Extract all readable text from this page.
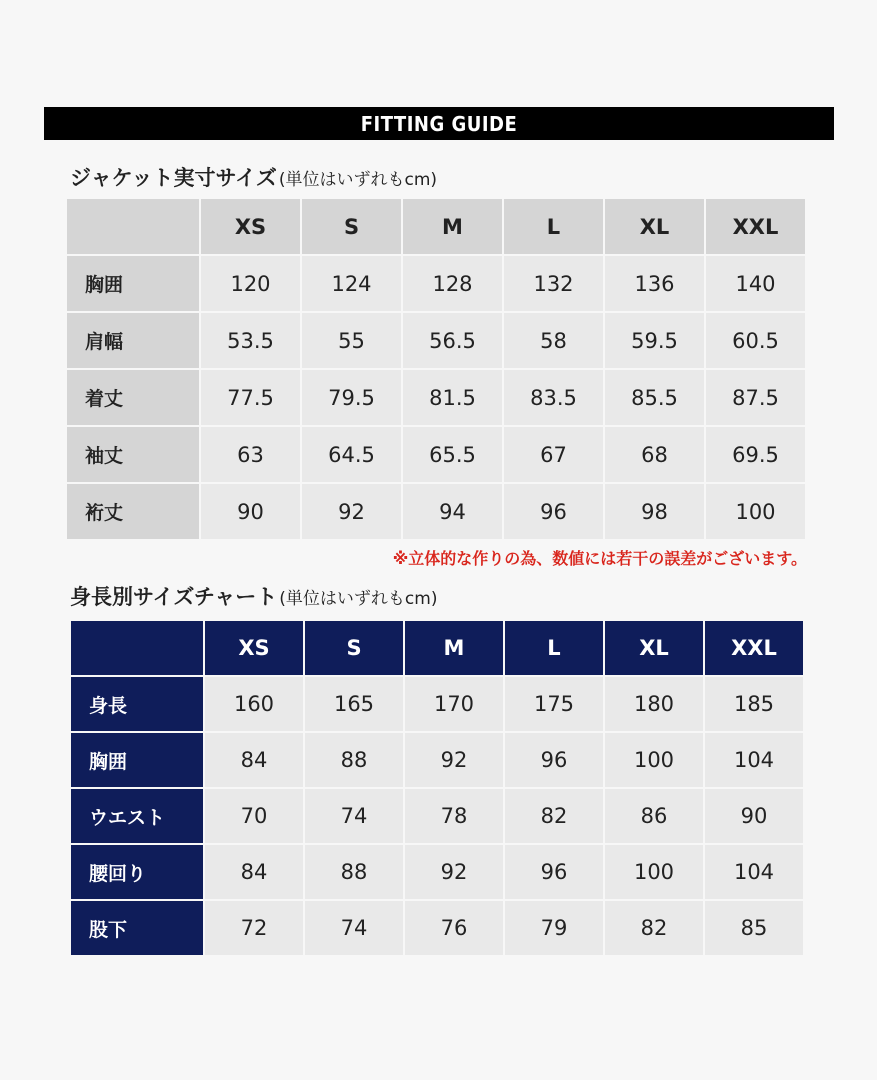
FITTING GUIDE
ジャケット実寸サイズ (単位はいずれもcm)
	XS	S	M	L	XL	XXL
胸囲	120	124	128	132	136	140
肩幅	53.5	55	56.5	58	59.5	60.5
着丈	77.5	79.5	81.5	83.5	85.5	87.5
袖丈	63	64.5	65.5	67	68	69.5
裄丈	90	92	94	96	98	100
※立体的な作りの為、数値には若干の誤差がございます。
身長別サイズチャート (単位はいずれもcm)
	XS	S	M	L	XL	XXL
身長	160	165	170	175	180	185
胸囲	84	88	92	96	100	104
ウエスト	70	74	78	82	86	90
腰回り	84	88	92	96	100	104
股下	72	74	76	79	82	85
